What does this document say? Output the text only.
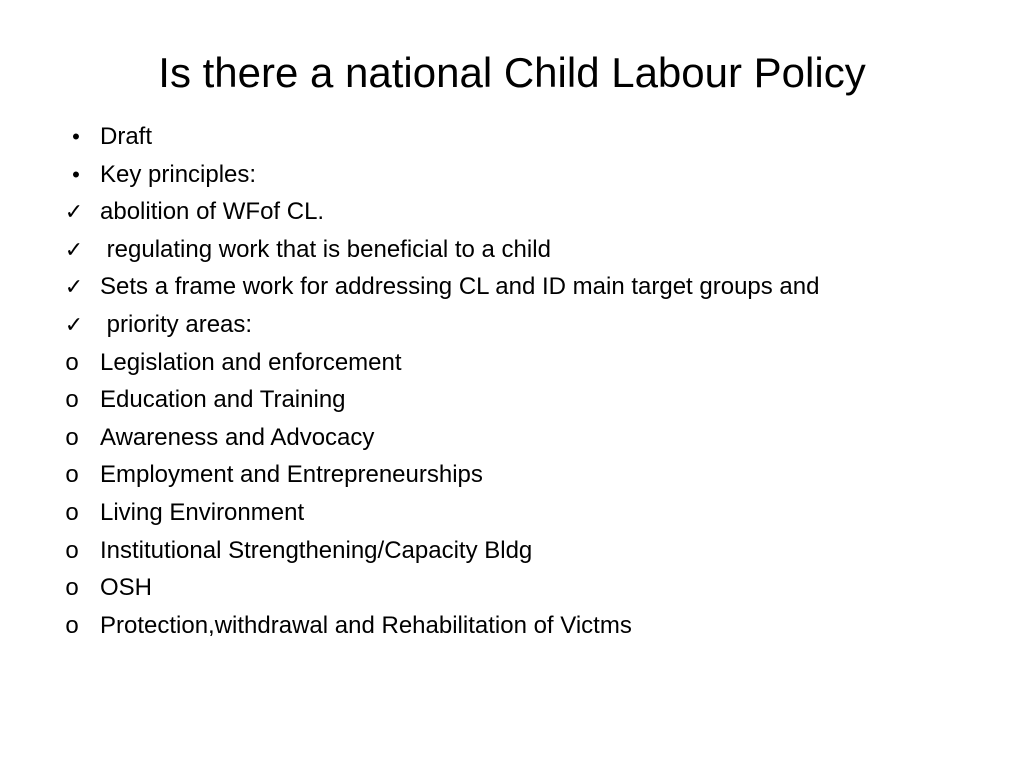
Is there a national Child Labour Policy
• Draft
• Key principles:
✓ abolition of WFof CL.
✓ regulating work that is beneficial to a child
✓ Sets a frame work for addressing CL and ID main target groups and
✓ priority areas:
o Legislation and enforcement
o Education and Training
o Awareness and Advocacy
o Employment and Entrepreneurships
o Living Environment
o Institutional Strengthening/Capacity Bldg
o OSH
o Protection,withdrawal and Rehabilitation of Victms
